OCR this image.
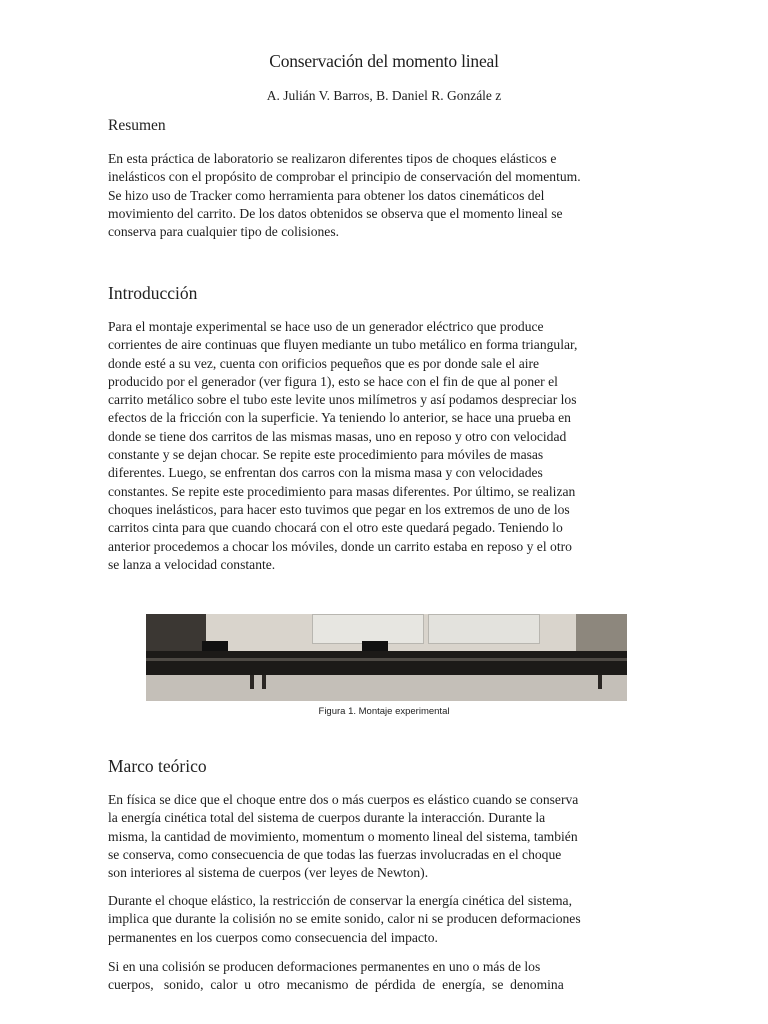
Conservación del momento lineal
A. Julián V. Barros, B. Daniel R. Gonzále z
Resumen
En esta práctica de laboratorio se realizaron diferentes tipos de choques elásticos e
inelásticos con el propósito de comprobar el principio de conservación del momentum.
Se hizo uso de Tracker como herramienta para obtener los datos cinemáticos del
movimiento del carrito. De los datos obtenidos se observa que el momento lineal se
conserva para cualquier tipo de colisiones.
Introducción
Para el montaje experimental se hace uso de un generador eléctrico que produce
corrientes de aire continuas que fluyen mediante un tubo metálico en forma triangular,
donde esté a su vez, cuenta con orificios pequeños que es por donde sale el aire
producido por el generador (ver figura 1), esto se hace con el fin de que al poner el
carrito metálico sobre el tubo este levite unos milímetros y así podamos despreciar los
efectos de la fricción con la superficie. Ya teniendo lo anterior, se hace una prueba en
donde se tiene dos carritos de las mismas masas, uno en reposo y otro con velocidad
constante y se dejan chocar. Se repite este procedimiento para móviles de masas
diferentes. Luego, se enfrentan dos carros con la misma masa y con velocidades
constantes. Se repite este procedimiento para masas diferentes. Por último, se realizan
choques inelásticos, para hacer esto tuvimos que pegar en los extremos de uno de los
carritos cinta para que cuando chocará con el otro este quedará pegado. Teniendo lo
anterior procedemos a chocar los móviles, donde un carrito estaba en reposo y el otro
se lanza a velocidad constante.
Figura 1. Montaje experimental
Marco teórico
En física se dice que el choque entre dos o más cuerpos es elástico cuando se conserva
la energía cinética total del sistema de cuerpos durante la interacción. Durante la
misma, la cantidad de movimiento, momentum o momento lineal del sistema, también
se conserva, como consecuencia de que todas las fuerzas involucradas en el choque
son interiores al sistema de cuerpos (ver leyes de Newton).
Durante el choque elástico, la restricción de conservar la energía cinética del sistema,
implica que durante la colisión no se emite sonido, calor ni se producen deformaciones
permanentes en los cuerpos como consecuencia del impacto.
Si en una colisión se producen deformaciones permanentes en uno o más de los
cuerpos,   sonido,  calor  u  otro  mecanismo  de  pérdida  de  energía,  se  denomina
